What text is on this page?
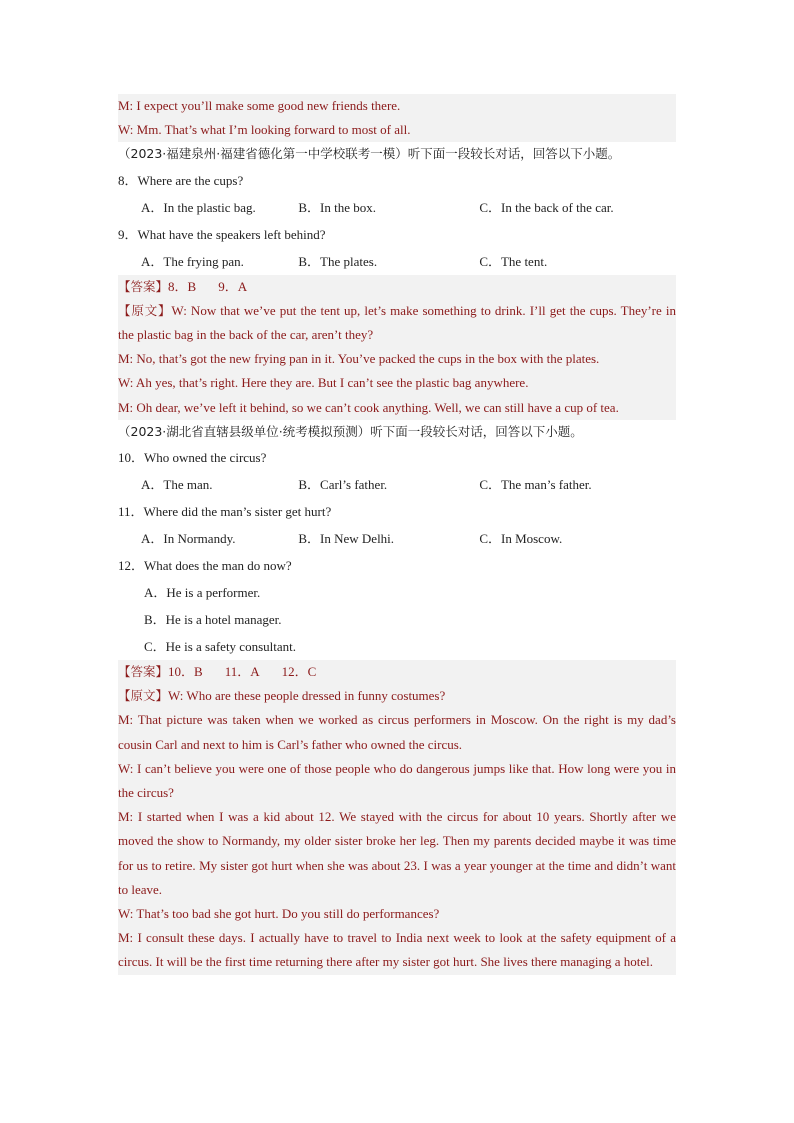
M: I expect you’ll make some good new friends there.

W: Mm. That’s what I’m looking forward to most of all.

（2023·福建泉州·福建省德化第一中学校联考一模）听下面一段较长对话，回答以下小题。

8．Where are the cups?
A．In the plastic bag.	B．In the box.	C．In the back of the car.
9．What have the speakers left behind?
A．The frying pan.	B．The plates.	C．The tent.

【答案】8．B 9．A

【原文】W: Now that we’ve put the tent up, let’s make something to drink. I’ll get the cups. They’re in the plastic bag in the back of the car, aren’t they?

M: No, that’s got the new frying pan in it. You’ve packed the cups in the box with the plates.

W: Ah yes, that’s right. Here they are. But I can’t see the plastic bag anywhere.

M: Oh dear, we’ve left it behind, so we can’t cook anything. Well, we can still have a cup of tea.

（2023·湖北省直辖县级单位·统考模拟预测）听下面一段较长对话，回答以下小题。

10．Who owned the circus?
A．The man.	B．Carl’s father.	C．The man’s father.
11．Where did the man’s sister get hurt?
A．In Normandy.	B．In New Delhi.	C．In Moscow.
12．What does the man do now?
A．He is a performer.
B．He is a hotel manager.
C．He is a safety consultant.

【答案】10．B 11．A 12．C

【原文】W: Who are these people dressed in funny costumes?

M: That picture was taken when we worked as circus performers in Moscow. On the right is my dad’s cousin Carl and next to him is Carl’s father who owned the circus.

W: I can’t believe you were one of those people who do dangerous jumps like that. How long were you in the circus?

M: I started when I was a kid about 12. We stayed with the circus for about 10 years. Shortly after we moved the show to Normandy, my older sister broke her leg. Then my parents decided maybe it was time for us to retire. My sister got hurt when she was about 23. I was a year younger at the time and didn’t want to leave.

W: That’s too bad she got hurt. Do you still do performances?

M: I consult these days. I actually have to travel to India next week to look at the safety equipment of a circus. It will be the first time returning there after my sister got hurt. She lives there managing a hotel.
